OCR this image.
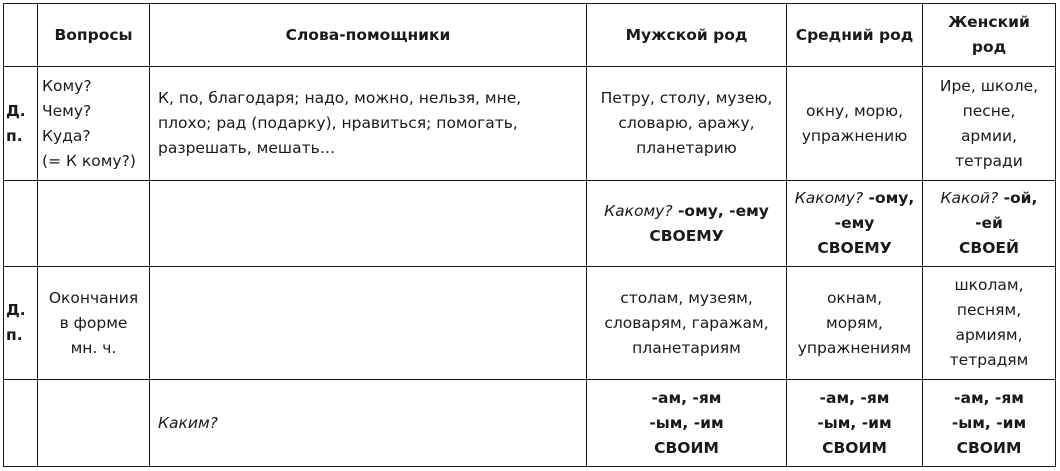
	Вопросы	Слова-помощники	Мужской род	Средний род	Женский
род

Д.
п.	Кому?
Чему?
Куда?
(= К кому?)	К, по, благодаря; надо, можно, нельзя, мне,
плохо; рад (подарку), нравиться; помогать,
разрешать, мешать…	Петру, столу, музею,
словарю, аражу,
планетарию	окну, морю,
упражнению	Ире, школе,
песне,
армии,
тетради

			Какому? -ому, -ему
СВОЕМУ	Какому? -ому,
-ему
СВОЕМУ	Какой? -ой,
-ей
СВОЕЙ

Д.
п.	Окончания
в форме
мн. ч.		столам, музеям,
словарям, гаражам,
планетариям	окнам,
морям,
упражнениям	школам,
песням,
армиям,
тетрадям

		Каким?	-ам, -ям
-ым, -им
СВОИМ	-ам, -ям
-ым, -им
СВОИМ	-ам, -ям
-ым, -им
СВОИМ
